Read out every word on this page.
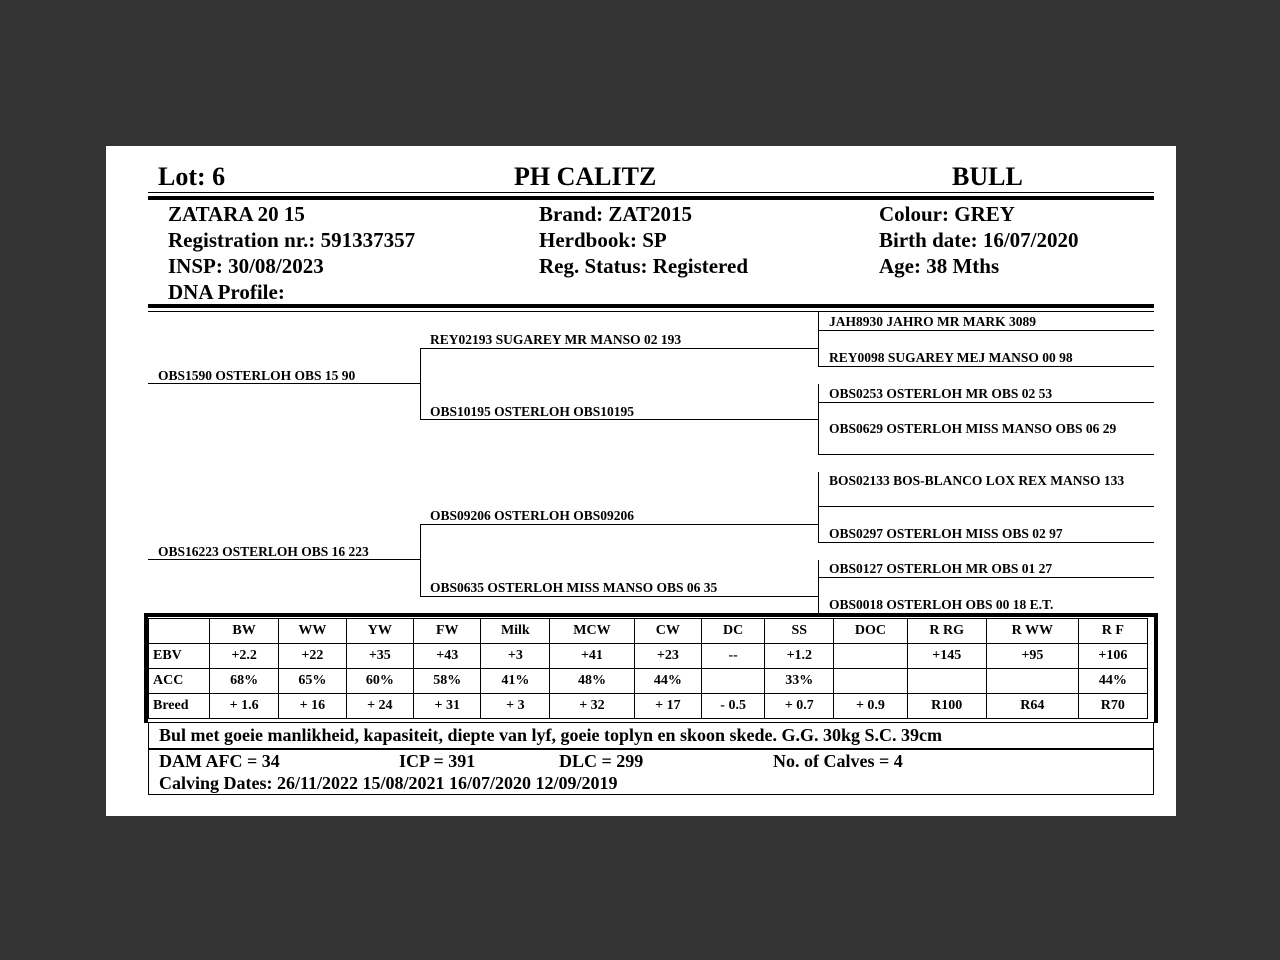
Lot: 6	PH CALITZ	BULL
ZATARA 20 15
Registration nr.: 591337357
INSP: 30/08/2023
DNA Profile:
Brand: ZAT2015
Herdbook: SP
Reg. Status: Registered
Colour: GREY
Birth date: 16/07/2020
Age: 38 Mths
OBS1590 OSTERLOH OBS 15 90
OBS16223 OSTERLOH OBS 16 223
REY02193 SUGAREY MR MANSO 02 193
OBS10195 OSTERLOH OBS10195
OBS09206 OSTERLOH OBS09206
OBS0635 OSTERLOH MISS MANSO OBS 06 35
JAH8930 JAHRO MR MARK 3089
REY0098 SUGAREY MEJ MANSO 00 98
OBS0253 OSTERLOH MR OBS 02 53
OBS0629 OSTERLOH MISS MANSO OBS 06 29
BOS02133 BOS-BLANCO LOX REX MANSO 133
OBS0297 OSTERLOH MISS OBS 02 97
OBS0127 OSTERLOH MR OBS 01 27
OBS0018 OSTERLOH OBS 00 18 E.T.
	BW	WW	YW	FW	Milk	MCW	CW	DC	SS	DOC	R RG	R WW	R F
EBV	+2.2	+22	+35	+43	+3	+41	+23	--	+1.2		+145	+95	+106
ACC	68%	65%	60%	58%	41%	48%	44%		33%				44%
Breed	+ 1.6	+ 16	+ 24	+ 31	+ 3	+ 32	+ 17	- 0.5	+ 0.7	+ 0.9	R100	R64	R70
Bul met goeie manlikheid, kapasiteit, diepte van lyf, goeie toplyn en skoon skede. G.G. 30kg S.C. 39cm
DAM AFC = 34	ICP = 391	DLC = 299	No. of Calves = 4
Calving Dates: 26/11/2022 15/08/2021 16/07/2020 12/09/2019
